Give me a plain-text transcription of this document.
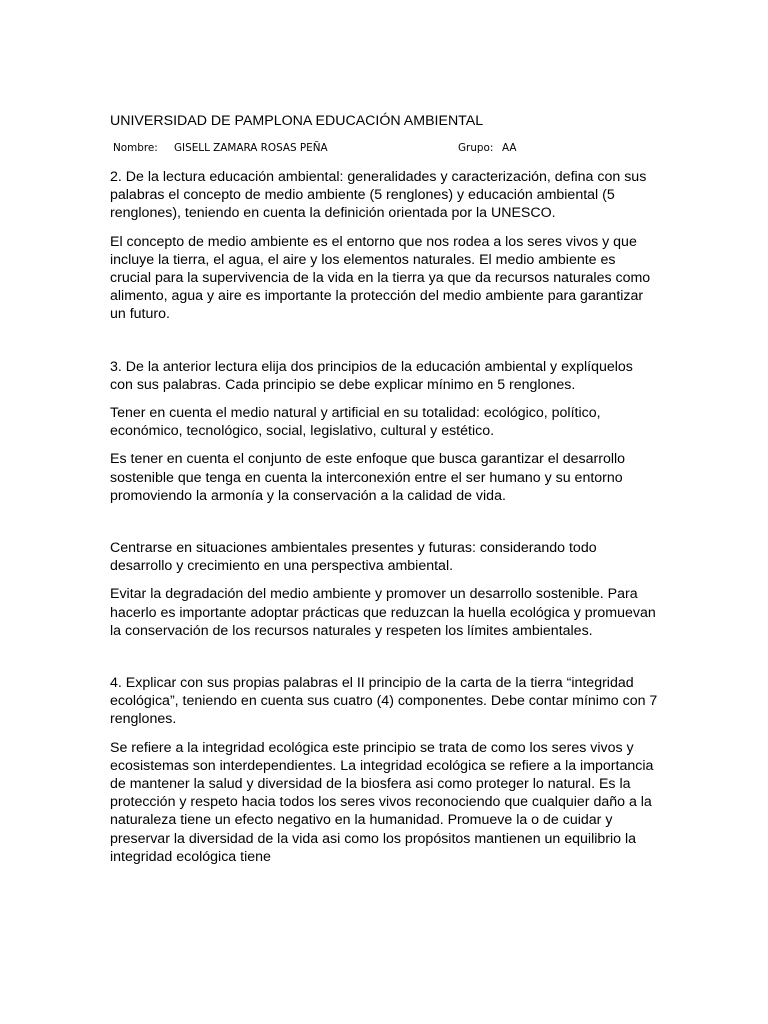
UNIVERSIDAD DE PAMPLONA EDUCACIÓN AMBIENTAL
Nombre: GISELL ZAMARA ROSAS PEÑA	Grupo: AA

2. De la lectura educación ambiental: generalidades y caracterización, defina con sus palabras el concepto de medio ambiente (5 renglones) y educación ambiental (5 renglones), teniendo en cuenta la definición orientada por la UNESCO.

El concepto de medio ambiente es el entorno que nos rodea a los seres vivos y que incluye la tierra, el agua, el aire y los elementos naturales. El medio ambiente es crucial para la supervivencia de la vida en la tierra ya que da recursos naturales como alimento, agua y aire es importante la protección del medio ambiente para garantizar un futuro.

3. De la anterior lectura elija dos principios de la educación ambiental y explíquelos con sus palabras. Cada principio se debe explicar mínimo en 5 renglones.

Tener en cuenta el medio natural y artificial en su totalidad: ecológico, político, económico, tecnológico, social, legislativo, cultural y estético.

Es tener en cuenta el conjunto de este enfoque que busca garantizar el desarrollo sostenible que tenga en cuenta la interconexión entre el ser humano y su entorno promoviendo la armonía y la conservación a la calidad de vida.

Centrarse en situaciones ambientales presentes y futuras: considerando todo desarrollo y crecimiento en una perspectiva ambiental.

Evitar la degradación del medio ambiente y promover un desarrollo sostenible. Para hacerlo es importante adoptar prácticas que reduzcan la huella ecológica y promuevan la conservación de los recursos naturales y respeten los límites ambientales.

4. Explicar con sus propias palabras el II principio de la carta de la tierra “integridad ecológica”, teniendo en cuenta sus cuatro (4) componentes. Debe contar mínimo con 7 renglones.

Se refiere a la integridad ecológica este principio se trata de como los seres vivos y ecosistemas son interdependientes. La integridad ecológica se refiere a la importancia de mantener la salud y diversidad de la biosfera asi como proteger lo natural. Es la protección y respeto hacia todos los seres vivos reconociendo que cualquier daño a la naturaleza tiene un efecto negativo en la humanidad. Promueve la o de cuidar y preservar la diversidad de la vida asi como los propósitos mantienen un equilibrio la integridad ecológica tiene
